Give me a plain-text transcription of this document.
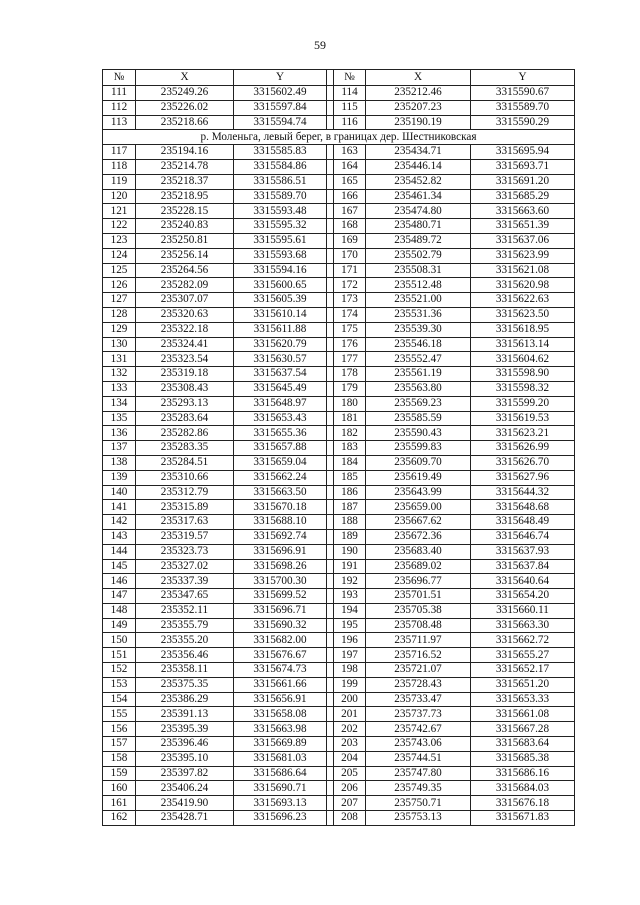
59
№	X	Y		№	X	Y
111	235249.26	3315602.49		114	235212.46	3315590.67
112	235226.02	3315597.84		115	235207.23	3315589.70
113	235218.66	3315594.74		116	235190.19	3315590.29
р. Моленьга, левый берег, в границах дер. Шестниковская						
117	235194.16	3315585.83		163	235434.71	3315695.94
118	235214.78	3315584.86		164	235446.14	3315693.71
119	235218.37	3315586.51		165	235452.82	3315691.20
120	235218.95	3315589.70		166	235461.34	3315685.29
121	235228.15	3315593.48		167	235474.80	3315663.60
122	235240.83	3315595.32		168	235480.71	3315651.39
123	235250.81	3315595.61		169	235489.72	3315637.06
124	235256.14	3315593.68		170	235502.79	3315623.99
125	235264.56	3315594.16		171	235508.31	3315621.08
126	235282.09	3315600.65		172	235512.48	3315620.98
127	235307.07	3315605.39		173	235521.00	3315622.63
128	235320.63	3315610.14		174	235531.36	3315623.50
129	235322.18	3315611.88		175	235539.30	3315618.95
130	235324.41	3315620.79		176	235546.18	3315613.14
131	235323.54	3315630.57		177	235552.47	3315604.62
132	235319.18	3315637.54		178	235561.19	3315598.90
133	235308.43	3315645.49		179	235563.80	3315598.32
134	235293.13	3315648.97		180	235569.23	3315599.20
135	235283.64	3315653.43		181	235585.59	3315619.53
136	235282.86	3315655.36		182	235590.43	3315623.21
137	235283.35	3315657.88		183	235599.83	3315626.99
138	235284.51	3315659.04		184	235609.70	3315626.70
139	235310.66	3315662.24		185	235619.49	3315627.96
140	235312.79	3315663.50		186	235643.99	3315644.32
141	235315.89	3315670.18		187	235659.00	3315648.68
142	235317.63	3315688.10		188	235667.62	3315648.49
143	235319.57	3315692.74		189	235672.36	3315646.74
144	235323.73	3315696.91		190	235683.40	3315637.93
145	235327.02	3315698.26		191	235689.02	3315637.84
146	235337.39	3315700.30		192	235696.77	3315640.64
147	235347.65	3315699.52		193	235701.51	3315654.20
148	235352.11	3315696.71		194	235705.38	3315660.11
149	235355.79	3315690.32		195	235708.48	3315663.30
150	235355.20	3315682.00		196	235711.97	3315662.72
151	235356.46	3315676.67		197	235716.52	3315655.27
152	235358.11	3315674.73		198	235721.07	3315652.17
153	235375.35	3315661.66		199	235728.43	3315651.20
154	235386.29	3315656.91		200	235733.47	3315653.33
155	235391.13	3315658.08		201	235737.73	3315661.08
156	235395.39	3315663.98		202	235742.67	3315667.28
157	235396.46	3315669.89		203	235743.06	3315683.64
158	235395.10	3315681.03		204	235744.51	3315685.38
159	235397.82	3315686.64		205	235747.80	3315686.16
160	235406.24	3315690.71		206	235749.35	3315684.03
161	235419.90	3315693.13		207	235750.71	3315676.18
162	235428.71	3315696.23		208	235753.13	3315671.83
